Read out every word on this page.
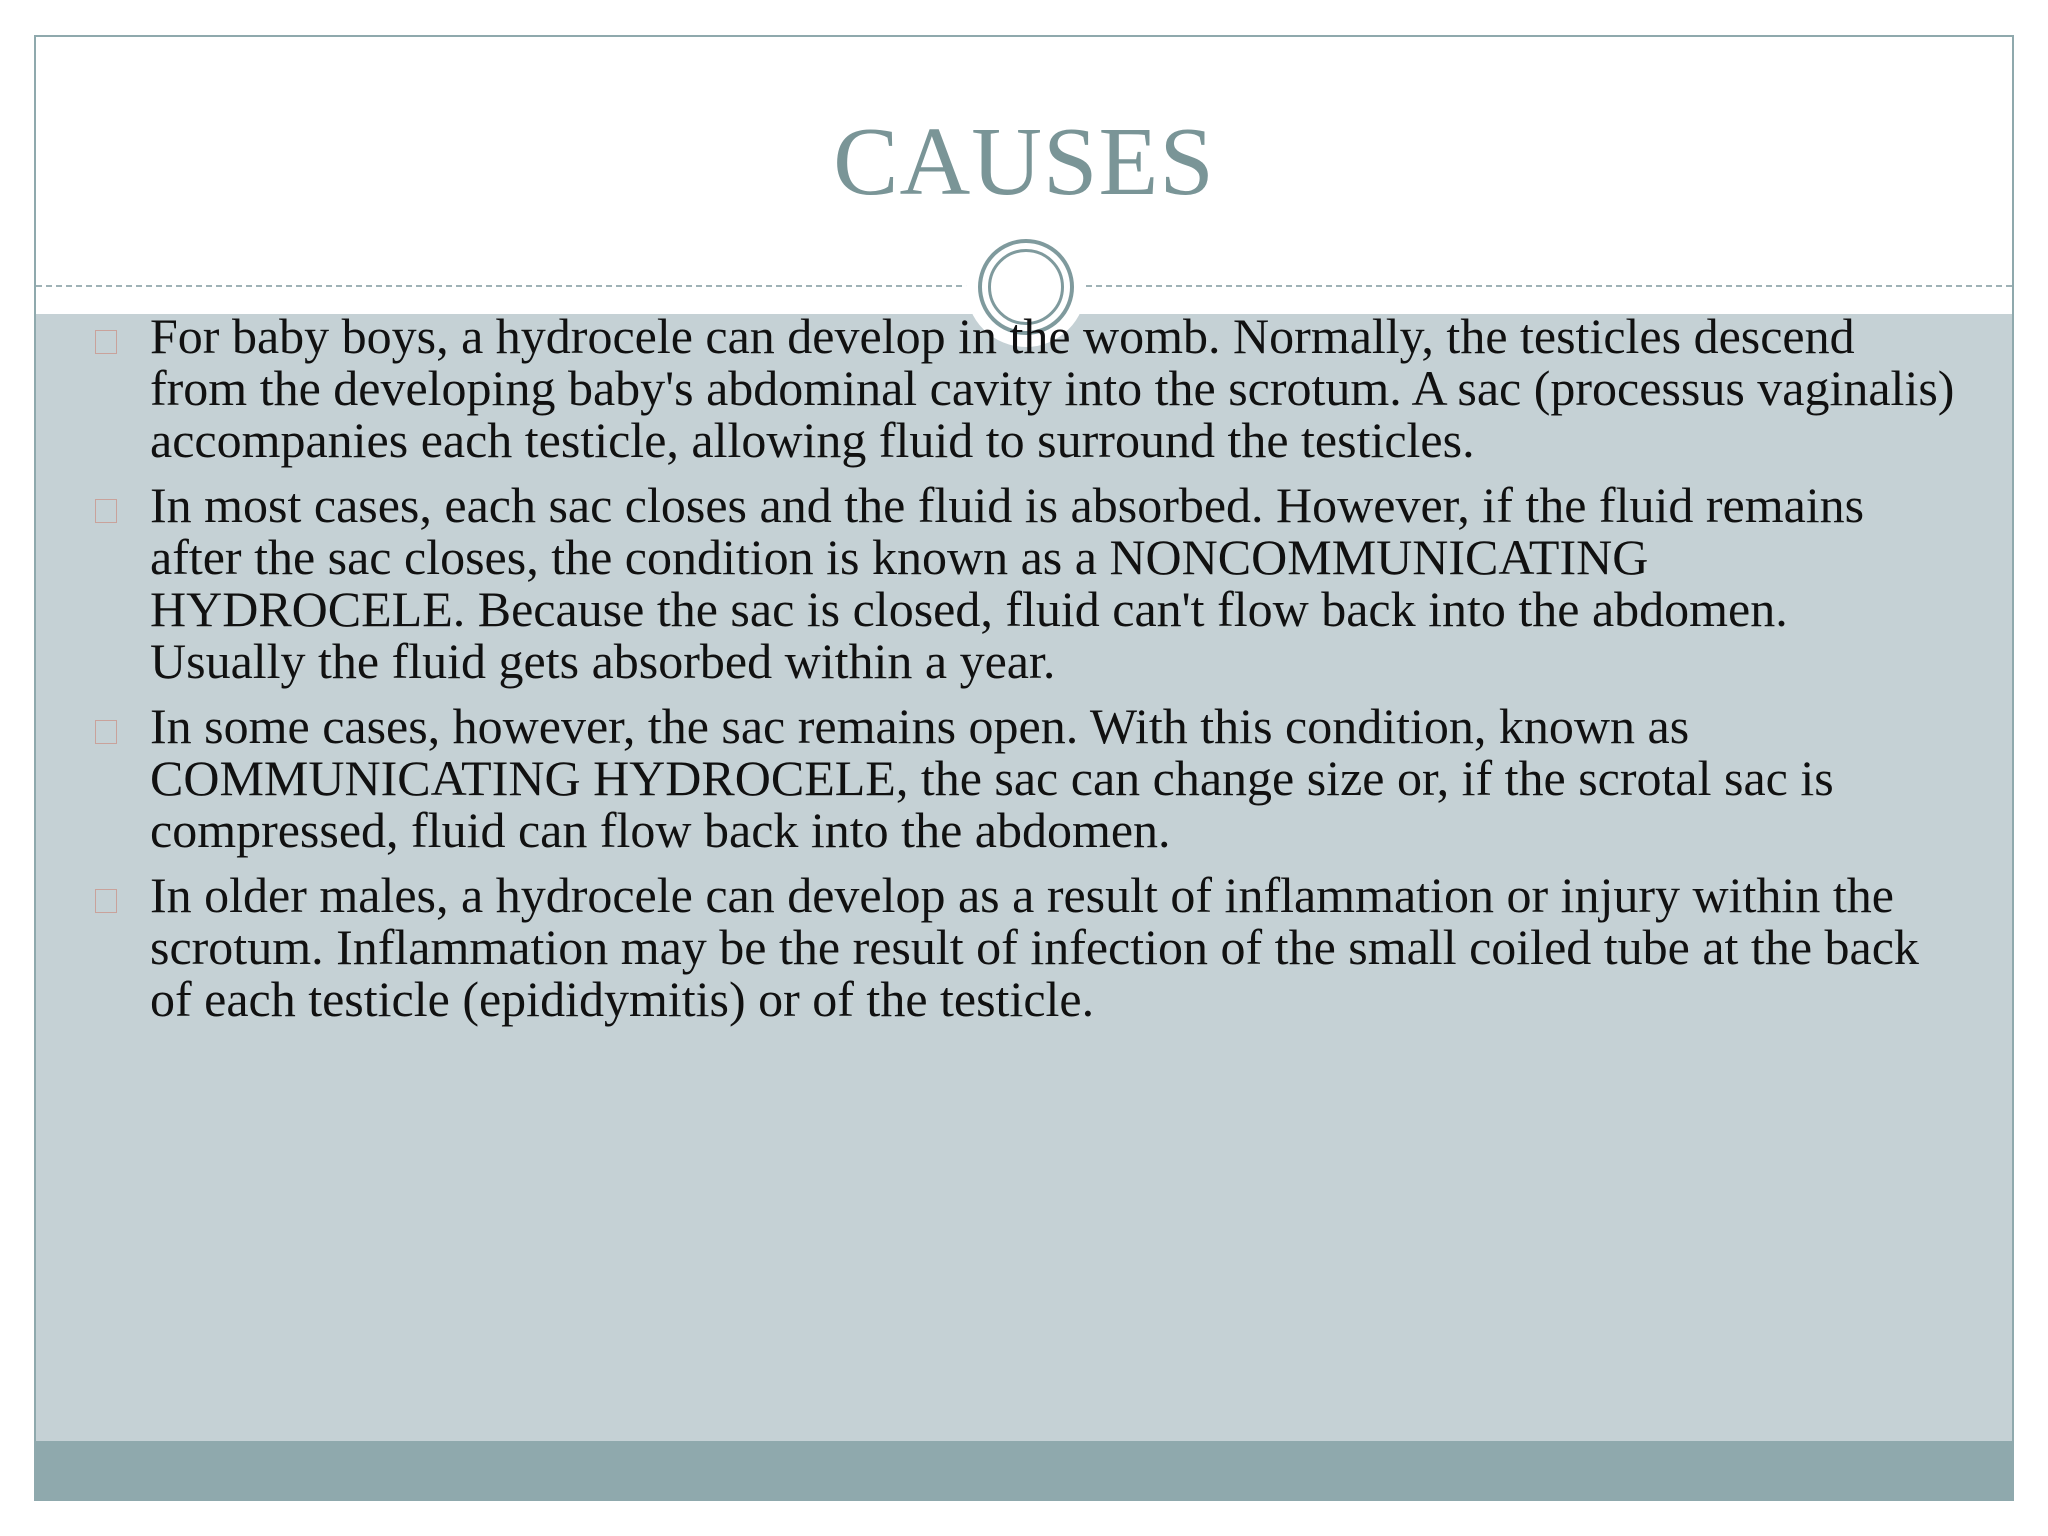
CAUSES
For baby boys, a hydrocele can develop in the womb. Normally, the testicles descend from the developing baby's abdominal cavity into the scrotum. A sac (processus vaginalis) accompanies each testicle, allowing fluid to surround the testicles.
In most cases, each sac closes and the fluid is absorbed. However, if the fluid remains after the sac closes, the condition is known as a NONCOMMUNICATING HYDROCELE. Because the sac is closed, fluid can't flow back into the abdomen. Usually the fluid gets absorbed within a year.
In some cases, however, the sac remains open. With this condition, known as COMMUNICATING HYDROCELE, the sac can change size or, if the scrotal sac is compressed, fluid can flow back into the abdomen.
In older males, a hydrocele can develop as a result of inflammation or injury within the scrotum. Inflammation may be the result of infection of the small coiled tube at the back of each testicle (epididymitis) or of the testicle.
